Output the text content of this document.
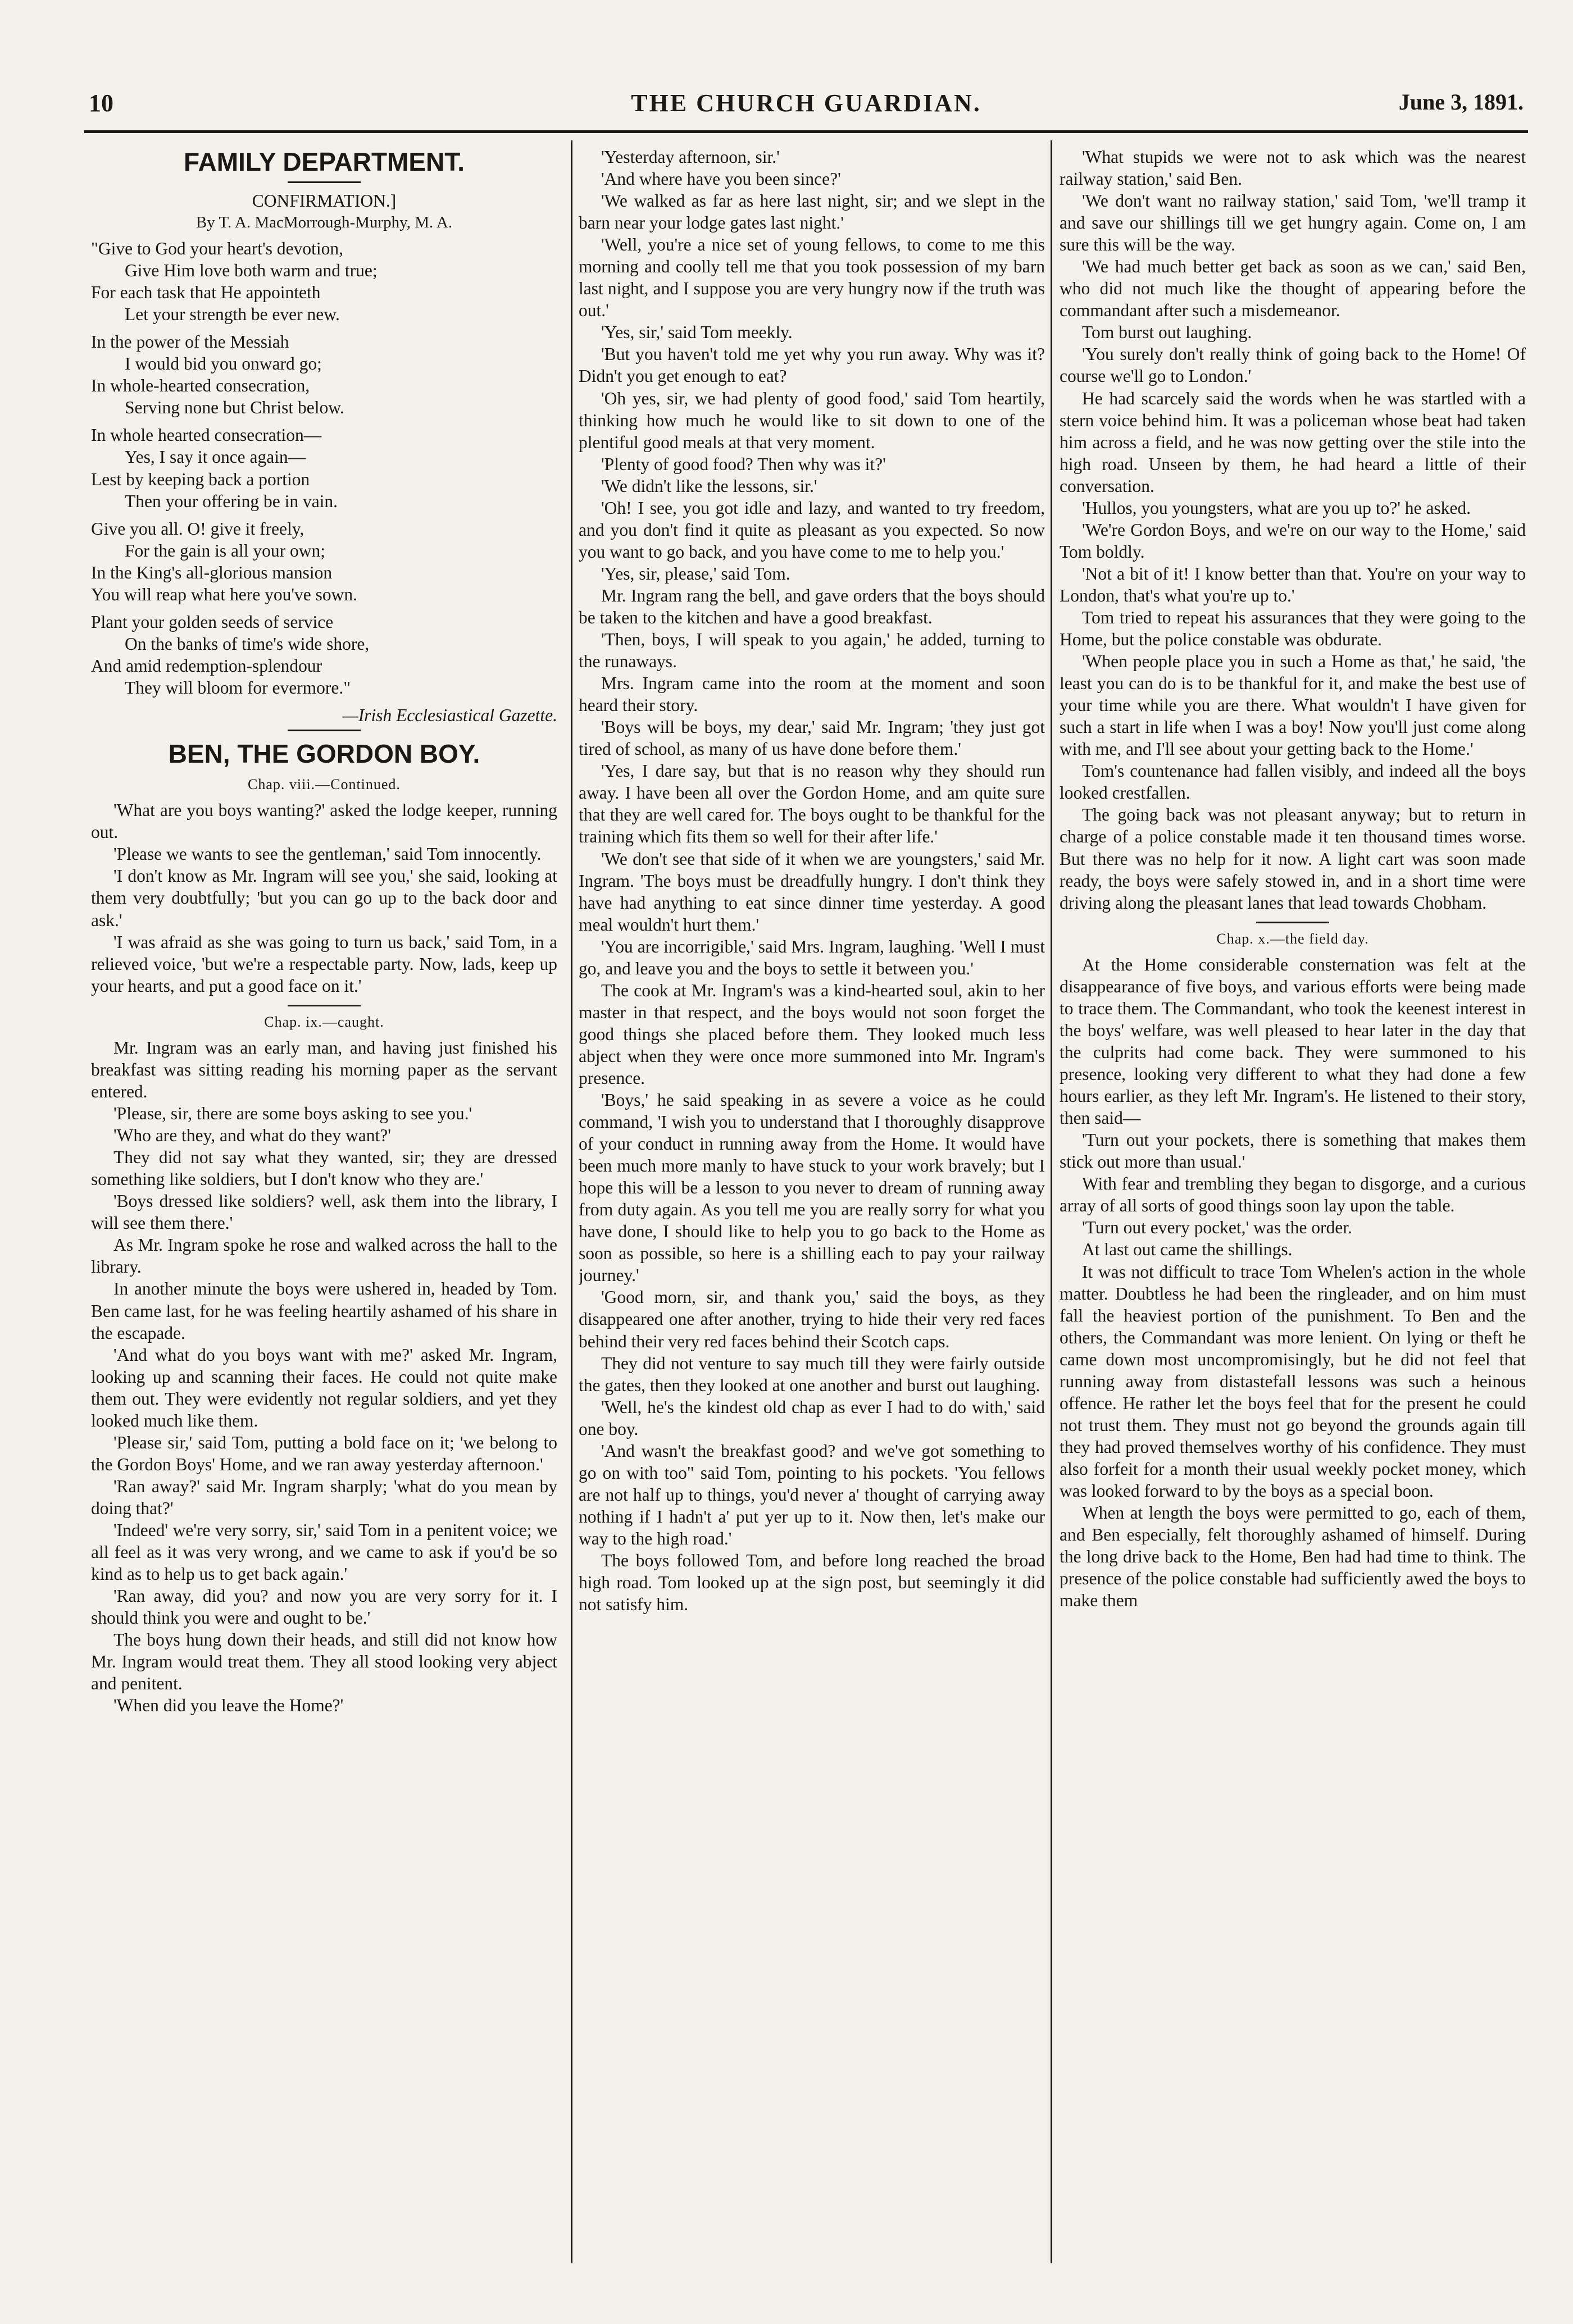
10	THE CHURCH GUARDIAN.	June 3, 1891.
FAMILY DEPARTMENT.
CONFIRMATION.]
By T. A. MacMorrough-Murphy, M. A.
"Give to God your heart's devotion,
Give Him love both warm and true;
For each task that He appointeth
Let your strength be ever new.
In the power of the Messiah
I would bid you onward go;
In whole-hearted consecration,
Serving none but Christ below.
In whole hearted consecration—
Yes, I say it once again—
Lest by keeping back a portion
Then your offering be in vain.
Give you all. O! give it freely,
For the gain is all your own;
In the King's all-glorious mansion
You will reap what here you've sown.
Plant your golden seeds of service
On the banks of time's wide shore,
And amid redemption-splendour
They will bloom for evermore."
—Irish Ecclesiastical Gazette.
BEN, THE GORDON BOY.
Chap. viii.—Continued.

'What are you boys wanting?' asked the lodge keeper, running out.

'Please we wants to see the gentleman,' said Tom innocently.

'I don't know as Mr. Ingram will see you,' she said, looking at them very doubtfully; 'but you can go up to the back door and ask.'

'I was afraid as she was going to turn us back,' said Tom, in a relieved voice, 'but we're a respectable party. Now, lads, keep up your hearts, and put a good face on it.'

Chap. ix.—caught.

Mr. Ingram was an early man, and having just finished his breakfast was sitting reading his morning paper as the servant entered.

'Please, sir, there are some boys asking to see you.'

'Who are they, and what do they want?'

They did not say what they wanted, sir; they are dressed something like soldiers, but I don't know who they are.'

'Boys dressed like soldiers? well, ask them into the library, I will see them there.'

As Mr. Ingram spoke he rose and walked across the hall to the library.

In another minute the boys were ushered in, headed by Tom. Ben came last, for he was feeling heartily ashamed of his share in the escapade.

'And what do you boys want with me?' asked Mr. Ingram, looking up and scanning their faces. He could not quite make them out. They were evidently not regular soldiers, and yet they looked much like them.

'Please sir,' said Tom, putting a bold face on it; 'we belong to the Gordon Boys' Home, and we ran away yesterday afternoon.'

'Ran away?' said Mr. Ingram sharply; 'what do you mean by doing that?'

'Indeed' we're very sorry, sir,' said Tom in a penitent voice; we all feel as it was very wrong, and we came to ask if you'd be so kind as to help us to get back again.'

'Ran away, did you? and now you are very sorry for it. I should think you were and ought to be.'

The boys hung down their heads, and still did not know how Mr. Ingram would treat them. They all stood looking very abject and penitent.

'When did you leave the Home?'

'Yesterday afternoon, sir.'

'And where have you been since?'

'We walked as far as here last night, sir; and we slept in the barn near your lodge gates last night.'

'Well, you're a nice set of young fellows, to come to me this morning and coolly tell me that you took possession of my barn last night, and I suppose you are very hungry now if the truth was out.'

'Yes, sir,' said Tom meekly.

'But you haven't told me yet why you run away. Why was it? Didn't you get enough to eat?

'Oh yes, sir, we had plenty of good food,' said Tom heartily, thinking how much he would like to sit down to one of the plentiful good meals at that very moment.

'Plenty of good food? Then why was it?'

'We didn't like the lessons, sir.'

'Oh! I see, you got idle and lazy, and wanted to try freedom, and you don't find it quite as pleasant as you expected. So now you want to go back, and you have come to me to help you.'

'Yes, sir, please,' said Tom.

Mr. Ingram rang the bell, and gave orders that the boys should be taken to the kitchen and have a good breakfast.

'Then, boys, I will speak to you again,' he added, turning to the runaways.

Mrs. Ingram came into the room at the moment and soon heard their story.

'Boys will be boys, my dear,' said Mr. Ingram; 'they just got tired of school, as many of us have done before them.'

'Yes, I dare say, but that is no reason why they should run away. I have been all over the Gordon Home, and am quite sure that they are well cared for. The boys ought to be thankful for the training which fits them so well for their after life.'

'We don't see that side of it when we are youngsters,' said Mr. Ingram. 'The boys must be dreadfully hungry. I don't think they have had anything to eat since dinner time yesterday. A good meal wouldn't hurt them.'

'You are incorrigible,' said Mrs. Ingram, laughing. 'Well I must go, and leave you and the boys to settle it between you.'

The cook at Mr. Ingram's was a kind-hearted soul, akin to her master in that respect, and the boys would not soon forget the good things she placed before them. They looked much less abject when they were once more summoned into Mr. Ingram's presence.

'Boys,' he said speaking in as severe a voice as he could command, 'I wish you to understand that I thoroughly disapprove of your conduct in running away from the Home. It would have been much more manly to have stuck to your work bravely; but I hope this will be a lesson to you never to dream of running away from duty again. As you tell me you are really sorry for what you have done, I should like to help you to go back to the Home as soon as possible, so here is a shilling each to pay your railway journey.'

'Good morn, sir, and thank you,' said the boys, as they disappeared one after another, trying to hide their very red faces behind their very red faces behind their Scotch caps.

They did not venture to say much till they were fairly outside the gates, then they looked at one another and burst out laughing.

'Well, he's the kindest old chap as ever I had to do with,' said one boy.

'And wasn't the breakfast good? and we've got something to go on with too" said Tom, pointing to his pockets. 'You fellows are not half up to things, you'd never a' thought of carrying away nothing if I hadn't a' put yer up to it. Now then, let's make our way to the high road.'

The boys followed Tom, and before long reached the broad high road. Tom looked up at the sign post, but seemingly it did not satisfy him.

'What stupids we were not to ask which was the nearest railway station,' said Ben.

'We don't want no railway station,' said Tom, 'we'll tramp it and save our shillings till we get hungry again. Come on, I am sure this will be the way.

'We had much better get back as soon as we can,' said Ben, who did not much like the thought of appearing before the commandant after such a misdemeanor.

Tom burst out laughing.

'You surely don't really think of going back to the Home! Of course we'll go to London.'

He had scarcely said the words when he was startled with a stern voice behind him. It was a policeman whose beat had taken him across a field, and he was now getting over the stile into the high road. Unseen by them, he had heard a little of their conversation.

'Hullos, you youngsters, what are you up to?' he asked.

'We're Gordon Boys, and we're on our way to the Home,' said Tom boldly.

'Not a bit of it! I know better than that. You're on your way to London, that's what you're up to.'

Tom tried to repeat his assurances that they were going to the Home, but the police constable was obdurate.

'When people place you in such a Home as that,' he said, 'the least you can do is to be thankful for it, and make the best use of your time while you are there. What wouldn't I have given for such a start in life when I was a boy! Now you'll just come along with me, and I'll see about your getting back to the Home.'

Tom's countenance had fallen visibly, and indeed all the boys looked crestfallen.

The going back was not pleasant anyway; but to return in charge of a police constable made it ten thousand times worse. But there was no help for it now. A light cart was soon made ready, the boys were safely stowed in, and in a short time were driving along the pleasant lanes that lead towards Chobham.

Chap. x.—the field day.

At the Home considerable consternation was felt at the disappearance of five boys, and various efforts were being made to trace them. The Commandant, who took the keenest interest in the boys' welfare, was well pleased to hear later in the day that the culprits had come back. They were summoned to his presence, looking very different to what they had done a few hours earlier, as they left Mr. Ingram's. He listened to their story, then said—

'Turn out your pockets, there is something that makes them stick out more than usual.'

With fear and trembling they began to disgorge, and a curious array of all sorts of good things soon lay upon the table.

'Turn out every pocket,' was the order.

At last out came the shillings.

It was not difficult to trace Tom Whelen's action in the whole matter. Doubtless he had been the ringleader, and on him must fall the heaviest portion of the punishment. To Ben and the others, the Commandant was more lenient. On lying or theft he came down most uncompromisingly, but he did not feel that running away from distastefall lessons was such a heinous offence. He rather let the boys feel that for the present he could not trust them. They must not go beyond the grounds again till they had proved themselves worthy of his confidence. They must also forfeit for a month their usual weekly pocket money, which was looked forward to by the boys as a special boon.

When at length the boys were permitted to go, each of them, and Ben especially, felt thoroughly ashamed of himself. During the long drive back to the Home, Ben had had time to think. The presence of the police constable had sufficiently awed the boys to make them
